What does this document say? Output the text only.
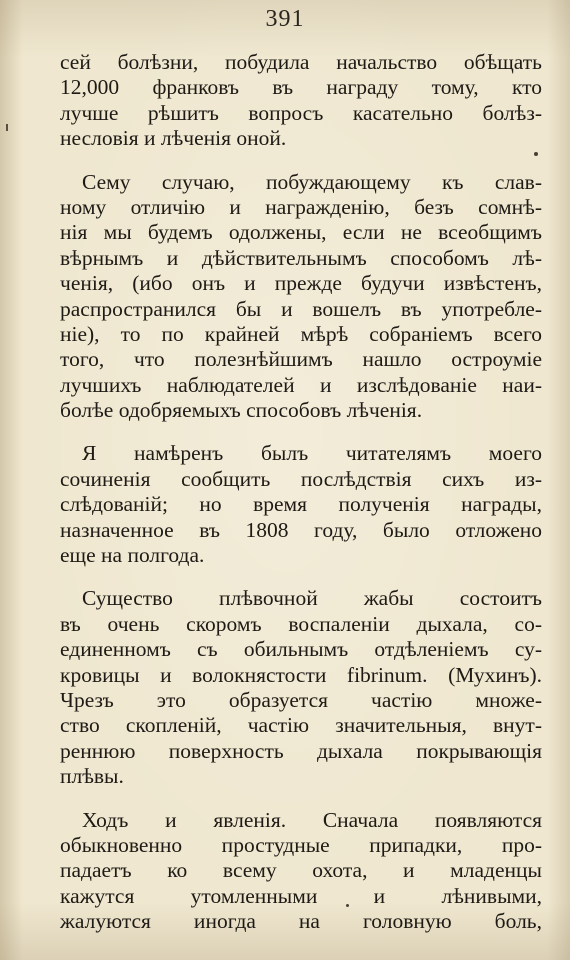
391
сей болѣзни, побудила начальство обѣщать
12,000 франковъ въ награду тому, кто
лучше рѣшитъ вопросъ касательно болѣз-
несловія и лѣченія оной.
Сему случаю, побуждающему къ слав-
ному отличію и награжденію, безъ сомнѣ-
нія мы будемъ одолжены, если не всеобщимъ
вѣрнымъ и дѣйствительнымъ способомъ лѣ-
ченія, (ибо онъ и прежде будучи извѣстенъ,
распространился бы и вошелъ въ употребле-
ніе), то по крайней мѣрѣ собраніемъ всего
того, что полезнѣйшимъ нашло остроуміе
лучшихъ наблюдателей и изслѣдованіе наи-
болѣе одобряемыхъ способовъ лѣченія.
Я намѣренъ былъ читателямъ моего
сочиненія сообщить послѣдствія сихъ из-
слѣдованій; но время полученія награды,
назначенное въ 1808 году, было отложено
еще на полгода.
Существо плѣвочной жабы состоитъ
въ очень скоромъ воспаленіи дыхала, со-
единенномъ съ обильнымъ отдѣленіемъ су-
кровицы и волокнястости fibrinum. (Мухинъ).
Чрезъ это образуется частію множе-
ство скопленій, частію значительныя, внут-
реннюю поверхность дыхала покрывающія
плѣвы.
Ходъ и явленія. Сначала появляются
обыкновенно простудные припадки, про-
падаетъ ко всему охота, и младенцы
кажутся утомленными и лѣнивыми,
жалуются иногда на головную боль,
